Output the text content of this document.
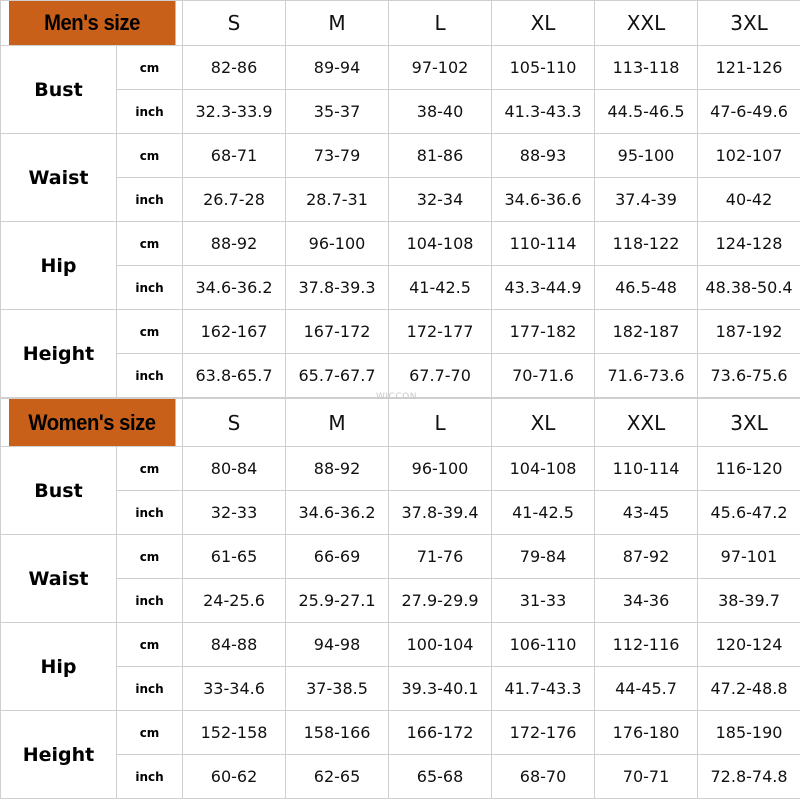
Men's size		S	M	L	XL	XXL	3XL
Bust	cm	82-86	89-94	97-102	105-110	113-118	121-126
	inch	32.3-33.9	35-37	38-40	41.3-43.3	44.5-46.5	47-6-49.6
Waist	cm	68-71	73-79	81-86	88-93	95-100	102-107
	inch	26.7-28	28.7-31	32-34	34.6-36.6	37.4-39	40-42
Hip	cm	88-92	96-100	104-108	110-114	118-122	124-128
	inch	34.6-36.2	37.8-39.3	41-42.5	43.3-44.9	46.5-48	48.38-50.4
Height	cm	162-167	167-172	172-177	177-182	182-187	187-192
	inch	63.8-65.7	65.7-67.7	67.7-70	70-71.6	71.6-73.6	73.6-75.6
Women's size		S	M	L	XL	XXL	3XL
Bust	cm	80-84	88-92	96-100	104-108	110-114	116-120
	inch	32-33	34.6-36.2	37.8-39.4	41-42.5	43-45	45.6-47.2
Waist	cm	61-65	66-69	71-76	79-84	87-92	97-101
	inch	24-25.6	25.9-27.1	27.9-29.9	31-33	34-36	38-39.7
Hip	cm	84-88	94-98	100-104	106-110	112-116	120-124
	inch	33-34.6	37-38.5	39.3-40.1	41.7-43.3	44-45.7	47.2-48.8
Height	cm	152-158	158-166	166-172	172-176	176-180	185-190
	inch	60-62	62-65	65-68	68-70	70-71	72.8-74.8
WICCON
